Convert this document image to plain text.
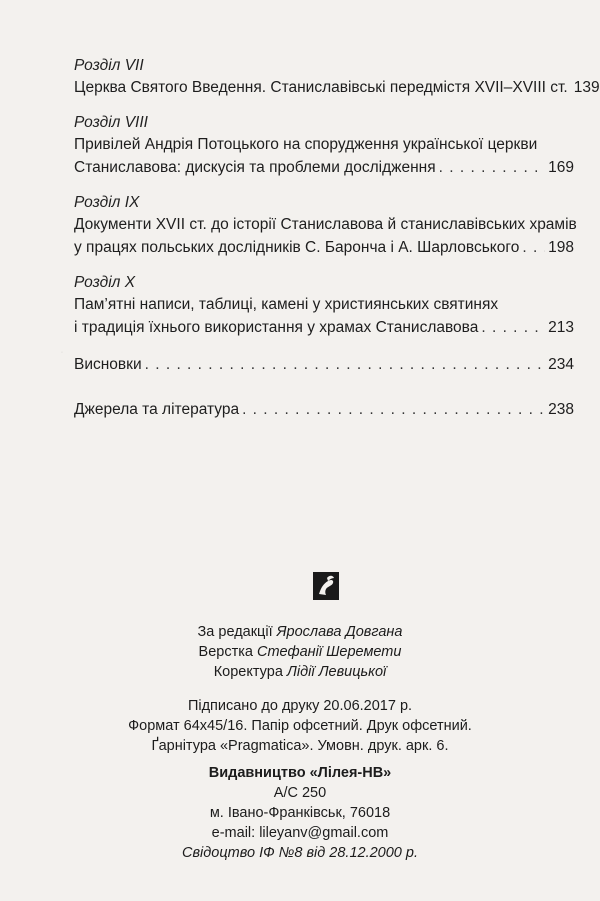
.
Розділ VII
Церква Святого Введення. Станиславівські передмістя XVII–XVIII ст. 139
Розділ VIII
Привілей Андрія Потоцького на спорудження української церкви
Станиславова: дискусія та проблеми дослідження . . .	169
Розділ IX
Документи XVII ст. до історії Станиславова й станиславівських храмів
у працях польських дослідників С. Баронча і А. Шарловського . . . 198
Розділ X
Пам’ятні написи, таблиці, камені у християнських святинях
і традиція їхнього використання у храмах Станиславова . . .	213
Висновки . . .	234
Джерела та література . . .	238
За редакції Ярослава Довгана
Верстка Стефанії Шеремети
Коректура Лідії Левицької
Підписано до друку 20.06.2017 р.
Формат 64х45/16. Папір офсетний. Друк офсетний.
Ґарнітура «Pragmatica». Умовн. друк. арк. 6.
Видавництво «Лілея-НВ»
А/С 250
м. Івано-Франківськ, 76018
e-mail: lileyanv@gmail.com
Свідоцтво ІФ №8 від 28.12.2000 р.
